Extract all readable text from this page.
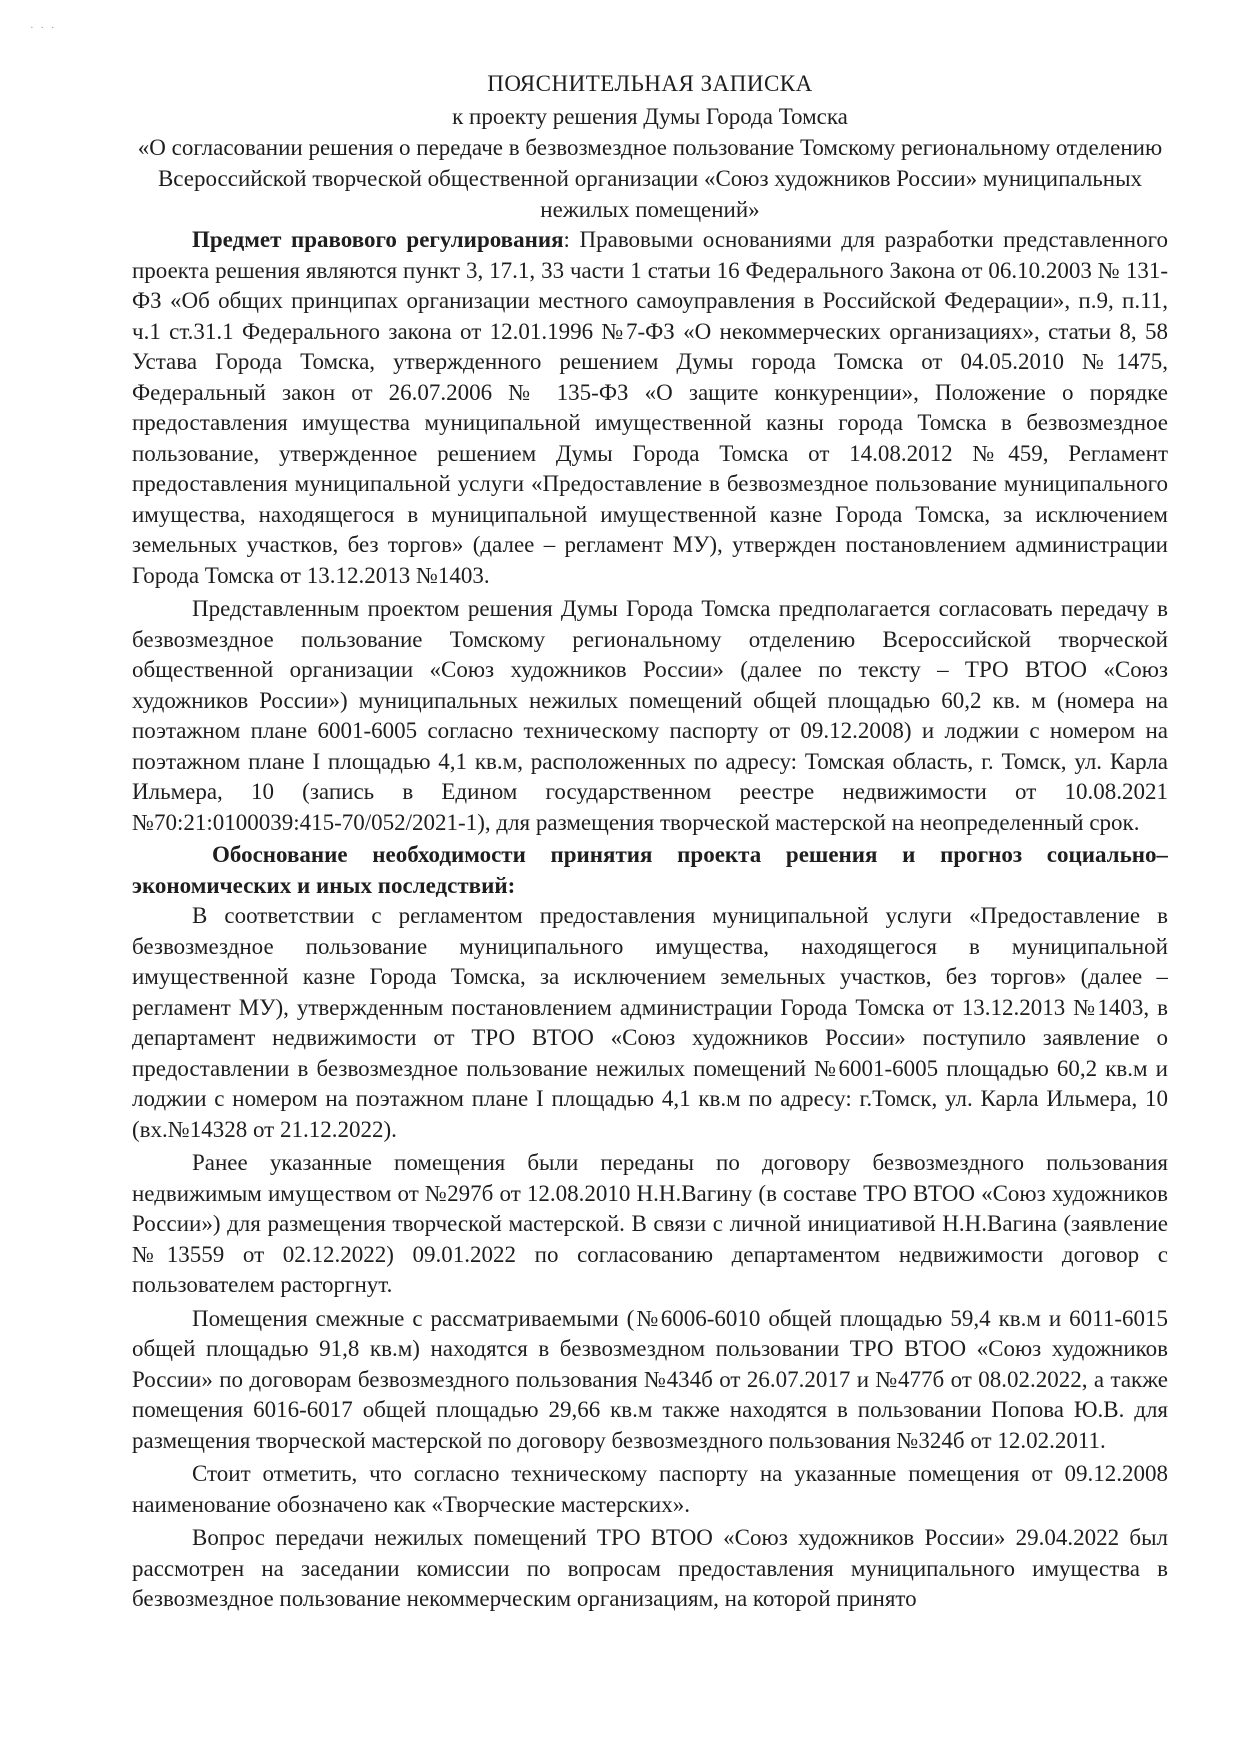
· · ·
ПОЯСНИТЕЛЬНАЯ ЗАПИСКА
к проекту решения Думы Города Томска
«О согласовании решения о передаче в безвозмездное пользование Томскому региональному отделению Всероссийской творческой общественной организации «Союз художников России» муниципальных нежилых помещений»

Предмет правового регулирования: Правовыми основаниями для разработки представленного проекта решения являются пункт 3, 17.1, 33 части 1 статьи 16 Федерального Закона от 06.10.2003 № 131-ФЗ «Об общих принципах организации местного самоуправления в Российской Федерации», п.9, п.11, ч.1 ст.31.1 Федерального закона от 12.01.1996 №7-ФЗ «О некоммерческих организациях», статьи 8, 58 Устава Города Томска, утвержденного решением Думы города Томска от 04.05.2010 №1475, Федеральный закон от 26.07.2006 № 135-ФЗ «О защите конкуренции», Положение о порядке предоставления имущества муниципальной имущественной казны города Томска в безвозмездное пользование, утвержденное решением Думы Города Томска от 14.08.2012 №459, Регламент предоставления муниципальной услуги «Предоставление в безвозмездное пользование муниципального имущества, находящегося в муниципальной имущественной казне Города Томска, за исключением земельных участков, без торгов» (далее – регламент МУ), утвержден постановлением администрации Города Томска от 13.12.2013 №1403.

Представленным проектом решения Думы Города Томска предполагается согласовать передачу в безвозмездное пользование Томскому региональному отделению Всероссийской творческой общественной организации «Союз художников России» (далее по тексту – ТРО ВТОО «Союз художников России») муниципальных нежилых помещений общей площадью 60,2 кв. м (номера на поэтажном плане 6001-6005 согласно техническому паспорту от 09.12.2008) и лоджии с номером на поэтажном плане I площадью 4,1 кв.м, расположенных по адресу: Томская область, г. Томск, ул. Карла Ильмера, 10 (запись в Едином государственном реестре недвижимости от 10.08.2021 №70:21:0100039:415-70/052/2021-1), для размещения творческой мастерской на неопределенный срок.

Обоснование необходимости принятия проекта решения и прогноз социально–экономических и иных последствий:

В соответствии с регламентом предоставления муниципальной услуги «Предоставление в безвозмездное пользование муниципального имущества, находящегося в муниципальной имущественной казне Города Томска, за исключением земельных участков, без торгов» (далее – регламент МУ), утвержденным постановлением администрации Города Томска от 13.12.2013 №1403, в департамент недвижимости от ТРО ВТОО «Союз художников России» поступило заявление о предоставлении в безвозмездное пользование нежилых помещений №6001-6005 площадью 60,2 кв.м и лоджии с номером на поэтажном плане I площадью 4,1 кв.м по адресу: г.Томск, ул. Карла Ильмера, 10 (вх.№14328 от 21.12.2022).

Ранее указанные помещения были переданы по договору безвозмездного пользования недвижимым имуществом от №297б от 12.08.2010 Н.Н.Вагину (в составе ТРО ВТОО «Союз художников России») для размещения творческой мастерской. В связи с личной инициативой Н.Н.Вагина (заявление №13559 от 02.12.2022) 09.01.2022 по согласованию департаментом недвижимости договор с пользователем расторгнут.

Помещения смежные с рассматриваемыми (№6006-6010 общей площадью 59,4 кв.м и 6011-6015 общей площадью 91,8 кв.м) находятся в безвозмездном пользовании ТРО ВТОО «Союз художников России» по договорам безвозмездного пользования №434б от 26.07.2017 и №477б от 08.02.2022, а также помещения 6016-6017 общей площадью 29,66 кв.м также находятся в пользовании Попова Ю.В. для размещения творческой мастерской по договору безвозмездного пользования №324б от 12.02.2011.

Стоит отметить, что согласно техническому паспорту на указанные помещения от 09.12.2008 наименование обозначено как «Творческие мастерских».

Вопрос передачи нежилых помещений ТРО ВТОО «Союз художников России» 29.04.2022 был рассмотрен на заседании комиссии по вопросам предоставления муниципального имущества в безвозмездное пользование некоммерческим организациям, на которой принято
